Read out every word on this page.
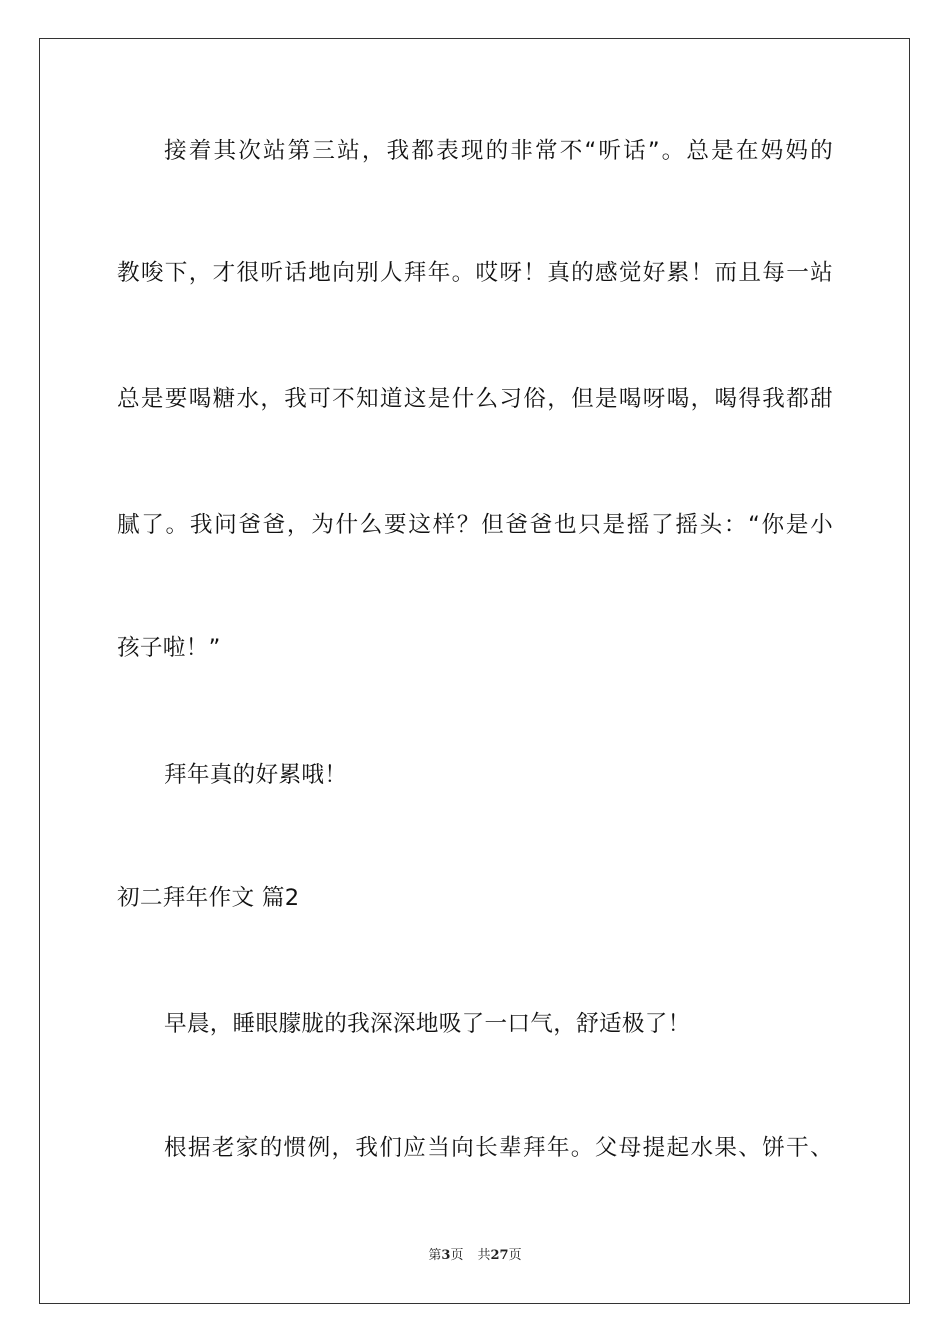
接着其次站第三站，我都表现的非常不“听话”。总是在妈妈的
教唆下，才很听话地向别人拜年。哎呀！真的感觉好累！而且每一站
总是要喝糖水，我可不知道这是什么习俗，但是喝呀喝，喝得我都甜
腻了。我问爸爸，为什么要这样？但爸爸也只是摇了摇头：“你是小
孩子啦！”
拜年真的好累哦！
初二拜年作文 篇2
早晨，睡眼朦胧的我深深地吸了一口气，舒适极了！
根据老家的惯例，我们应当向长辈拜年。父母提起水果、饼干、
第3页 共27页
